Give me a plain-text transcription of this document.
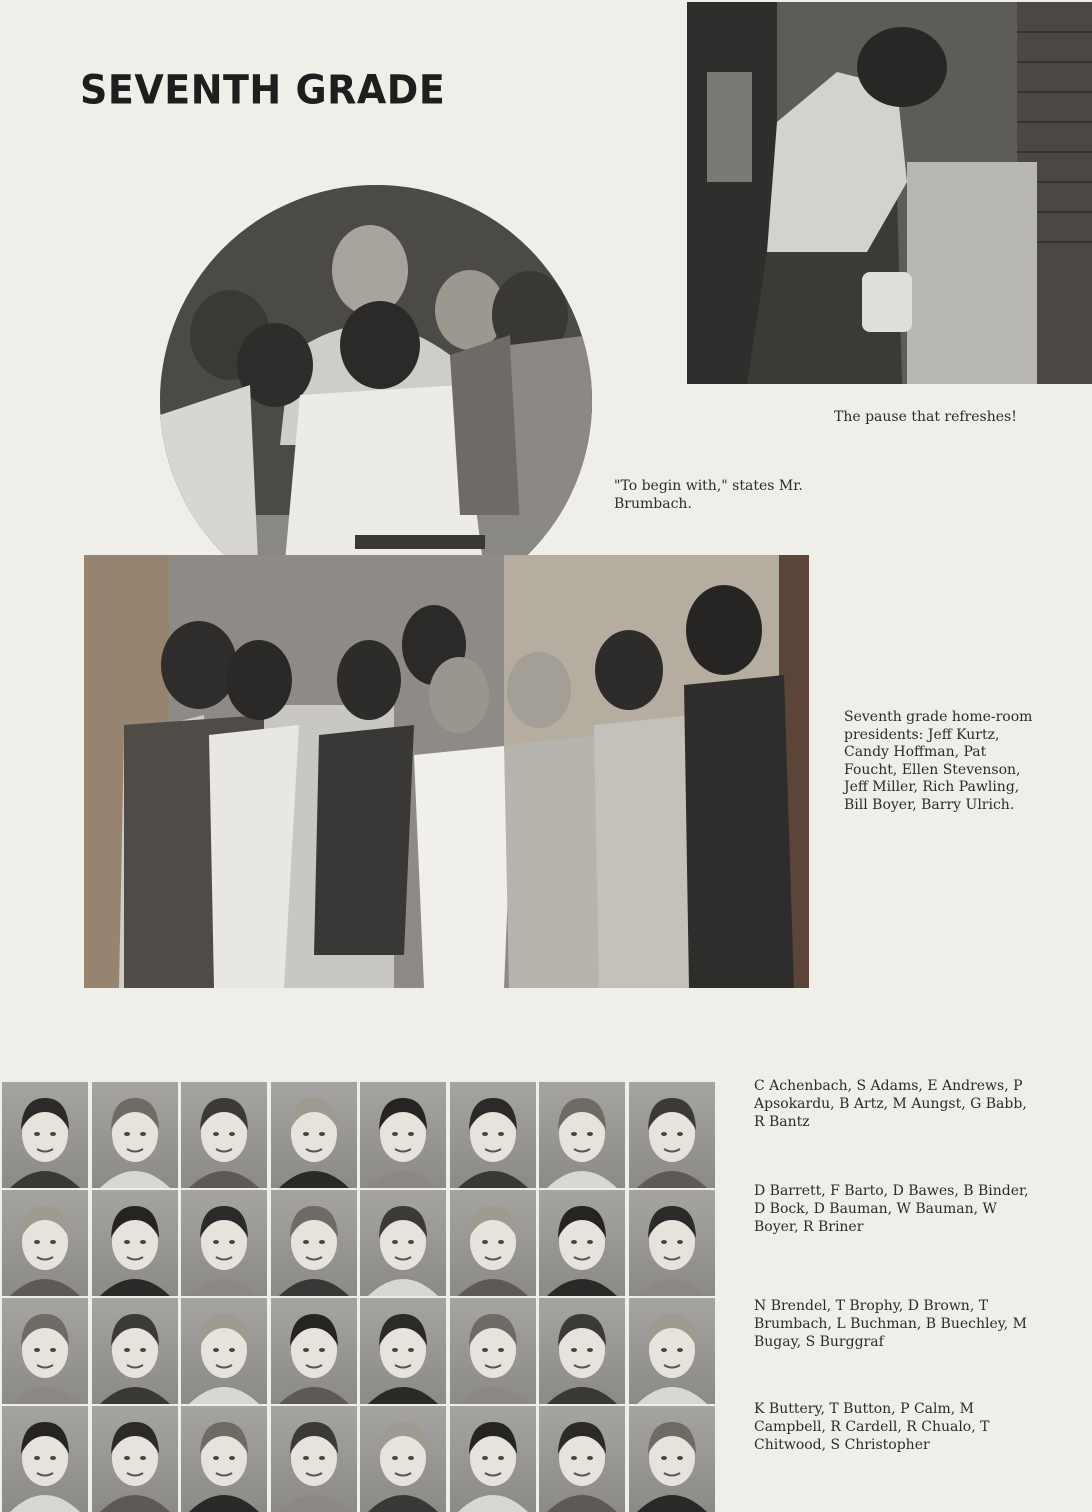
SEVENTH GRADE

The pause that refreshes!

"To begin with," states Mr. Brumbach.

Seventh grade home-room presidents: Jeff Kurtz, Candy Hoffman, Pat Foucht, Ellen Stevenson, Jeff Miller, Rich Pawling, Bill Boyer, Barry Ulrich.

C Achenbach, S Adams, E Andrews, P Apsokardu, B Artz, M Aungst, G Babb, R Bantz

D Barrett, F Barto, D Bawes, B Binder, D Bock, D Bauman, W Bauman, W Boyer, R Briner

N Brendel, T Brophy, D Brown, T Brumbach, L Buchman, B Buechley, M Bugay, S Burggraf

K Buttery, T Button, P Calm, M Campbell, R Cardell, R Chualo, T Chitwood, S Christopher
